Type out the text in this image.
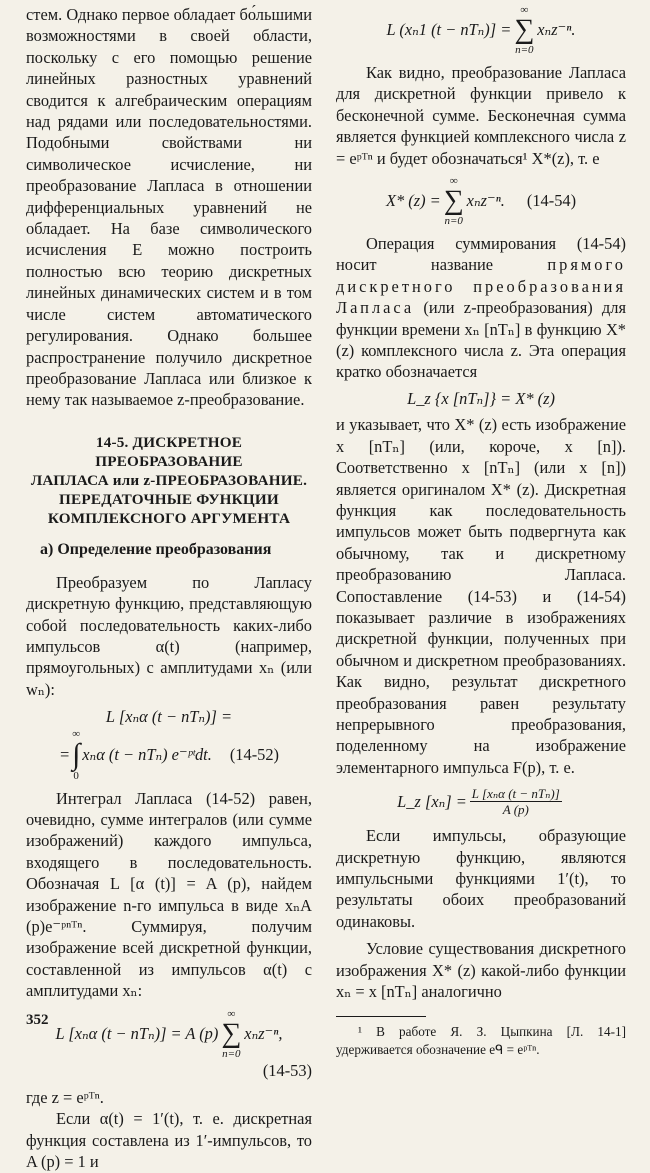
стем. Однако первое обладает бо́льшими возможностями в своей области, поскольку с его помощью решение линейных разностных уравнений сводится к алгебраическим операциям над рядами или последовательностями. Подобными свойствами ни символическое исчисление, ни преобразование Лапласа в отношении дифференциальных уравнений не обладает. На базе символического исчисления E можно построить полностью всю теорию дискретных линейных динамических систем и в том числе систем автоматического регулирования. Однако большее распространение получило дискретное преобразование Лапласа или близкое к нему так называемое z-преобразование.

14-5. ДИСКРЕТНОЕ ПРЕОБРАЗОВАНИЕ
ЛАПЛАСА или z-ПРЕОБРАЗОВАНИЕ.
ПЕРЕДАТОЧНЫЕ ФУНКЦИИ
КОМПЛЕКСНОГО АРГУМЕНТА
а) Определение преобразования

Преобразуем по Лапласу дискретную функцию, представляющую собой последовательность каких-либо импульсов α(t) (например, прямоугольных) с амплитудами xₙ (или wₙ):

L [xₙα (t − nTₙ)] =
=
∞
∫
0
xₙα (t − nTₙ) e⁻ᵖᵗdt. (14-52)

Интеграл Лапласа (14-52) равен, очевидно, сумме интегралов (или сумме изображений) каждого импульса, входящего в последовательность. Обозначая L [α (t)] = A (p), найдем изображение n-го импульса в виде xₙA (p)e⁻ᵖⁿᵀⁿ. Суммируя, получим изображение всей дискретной функции, составленной из импульсов α(t) с амплитудами xₙ:

L [xₙα (t − nTₙ)] = A (p)
∞
∑
n=0
xₙz⁻ⁿ,
(14-53)

где z = eᵖᵀⁿ.

Если α(t) = 1′(t), т. е. дискретная функция составлена из 1′-импульсов, то A (p) = 1 и

L (xₙ1 (t − nTₙ)] =
∞
∑
n=0
xₙz⁻ⁿ.

Как видно, преобразование Лапласа для дискретной функции привело к бесконечной сумме. Бесконечная сумма является функцией комплексного числа z = eᵖᵀⁿ и будет обозначаться¹ X*(z), т. е

X* (z) =
∞
∑
n=0
xₙz⁻ⁿ. (14-54)

Операция суммирования (14-54) носит название	прямого дискретного преобразования Лапласа (или z-преобразования) для функции времени xₙ [nTₙ] в функцию X*(z) комплексного числа z. Эта операция кратко обозначается

L_z {x [nTₙ]} = X* (z)

и указывает, что X* (z) есть изображение x [nTₙ] (или, короче, x [n]). Соответственно x [nTₙ] (или x [n]) является оригиналом X* (z). Дискретная функция как последовательность импульсов может быть подвергнута как обычному, так и дискретному преобразованию Лапласа. Сопоставление (14-53) и (14-54) показывает различие в изображениях дискретной функции, полученных при обычном и дискретном преобразованиях. Как видно, результат дискретного преобразования равен результату непрерывного преобразования, поделенному на изображение элементарного импульса F(p), т. е.

L_z $[x_n] = \frac{\text{L [xₙα (t − nTₙ)]}}{A (p)}$

Если импульсы, образующие дискретную функцию, являются импульсными функциями 1′(t), то результаты обоих преобразований одинаковы.

Условие существования дискретного изображения X* (z) какой-либо функции xₙ = x [nTₙ] аналогично

¹ В работе Я. З. Цыпкина [Л. 14-1] удерживается обозначение eᑫ = eᵖᵀⁿ.

352
